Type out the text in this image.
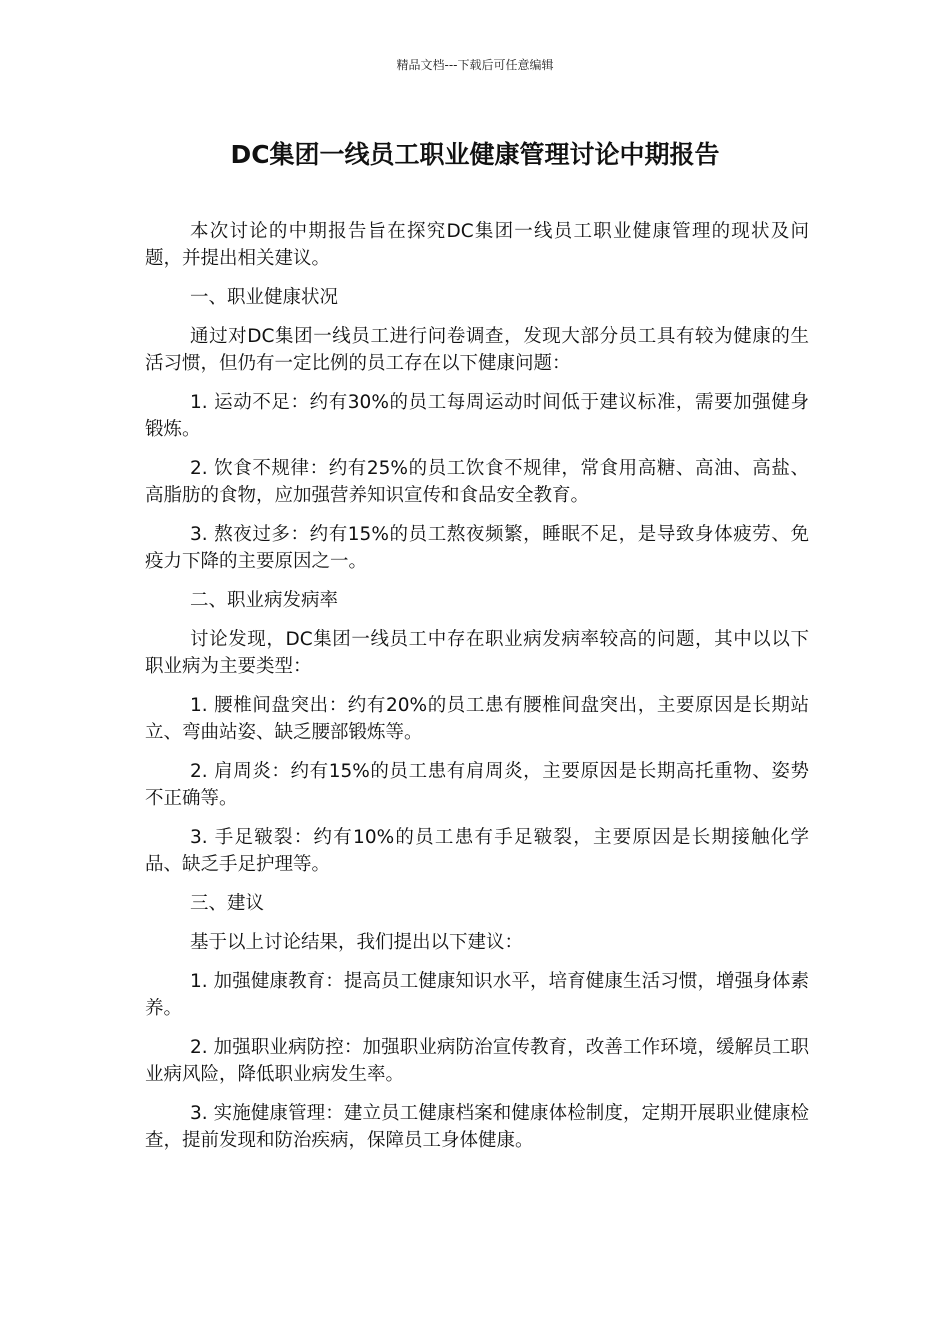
精品文档---下载后可任意编辑
DC集团一线员工职业健康管理讨论中期报告

本次讨论的中期报告旨在探究DC集团一线员工职业健康管理的现状及问题，并提出相关建议。

一、职业健康状况

通过对DC集团一线员工进行问卷调查，发现大部分员工具有较为健康的生活习惯，但仍有一定比例的员工存在以下健康问题：

1. 运动不足：约有30%的员工每周运动时间低于建议标准，需要加强健身锻炼。

2. 饮食不规律：约有25%的员工饮食不规律，常食用高糖、高油、高盐、高脂肪的食物，应加强营养知识宣传和食品安全教育。

3. 熬夜过多：约有15%的员工熬夜频繁，睡眠不足，是导致身体疲劳、免疫力下降的主要原因之一。

二、职业病发病率

讨论发现，DC集团一线员工中存在职业病发病率较高的问题，其中以以下职业病为主要类型：

1. 腰椎间盘突出：约有20%的员工患有腰椎间盘突出，主要原因是长期站立、弯曲站姿、缺乏腰部锻炼等。

2. 肩周炎：约有15%的员工患有肩周炎，主要原因是长期高托重物、姿势不正确等。

3. 手足皲裂：约有10%的员工患有手足皲裂，主要原因是长期接触化学品、缺乏手足护理等。

三、建议

基于以上讨论结果，我们提出以下建议：

1. 加强健康教育：提高员工健康知识水平，培育健康生活习惯，增强身体素养。

2. 加强职业病防控：加强职业病防治宣传教育，改善工作环境，缓解员工职业病风险，降低职业病发生率。

3. 实施健康管理：建立员工健康档案和健康体检制度，定期开展职业健康检查，提前发现和防治疾病，保障员工身体健康。
